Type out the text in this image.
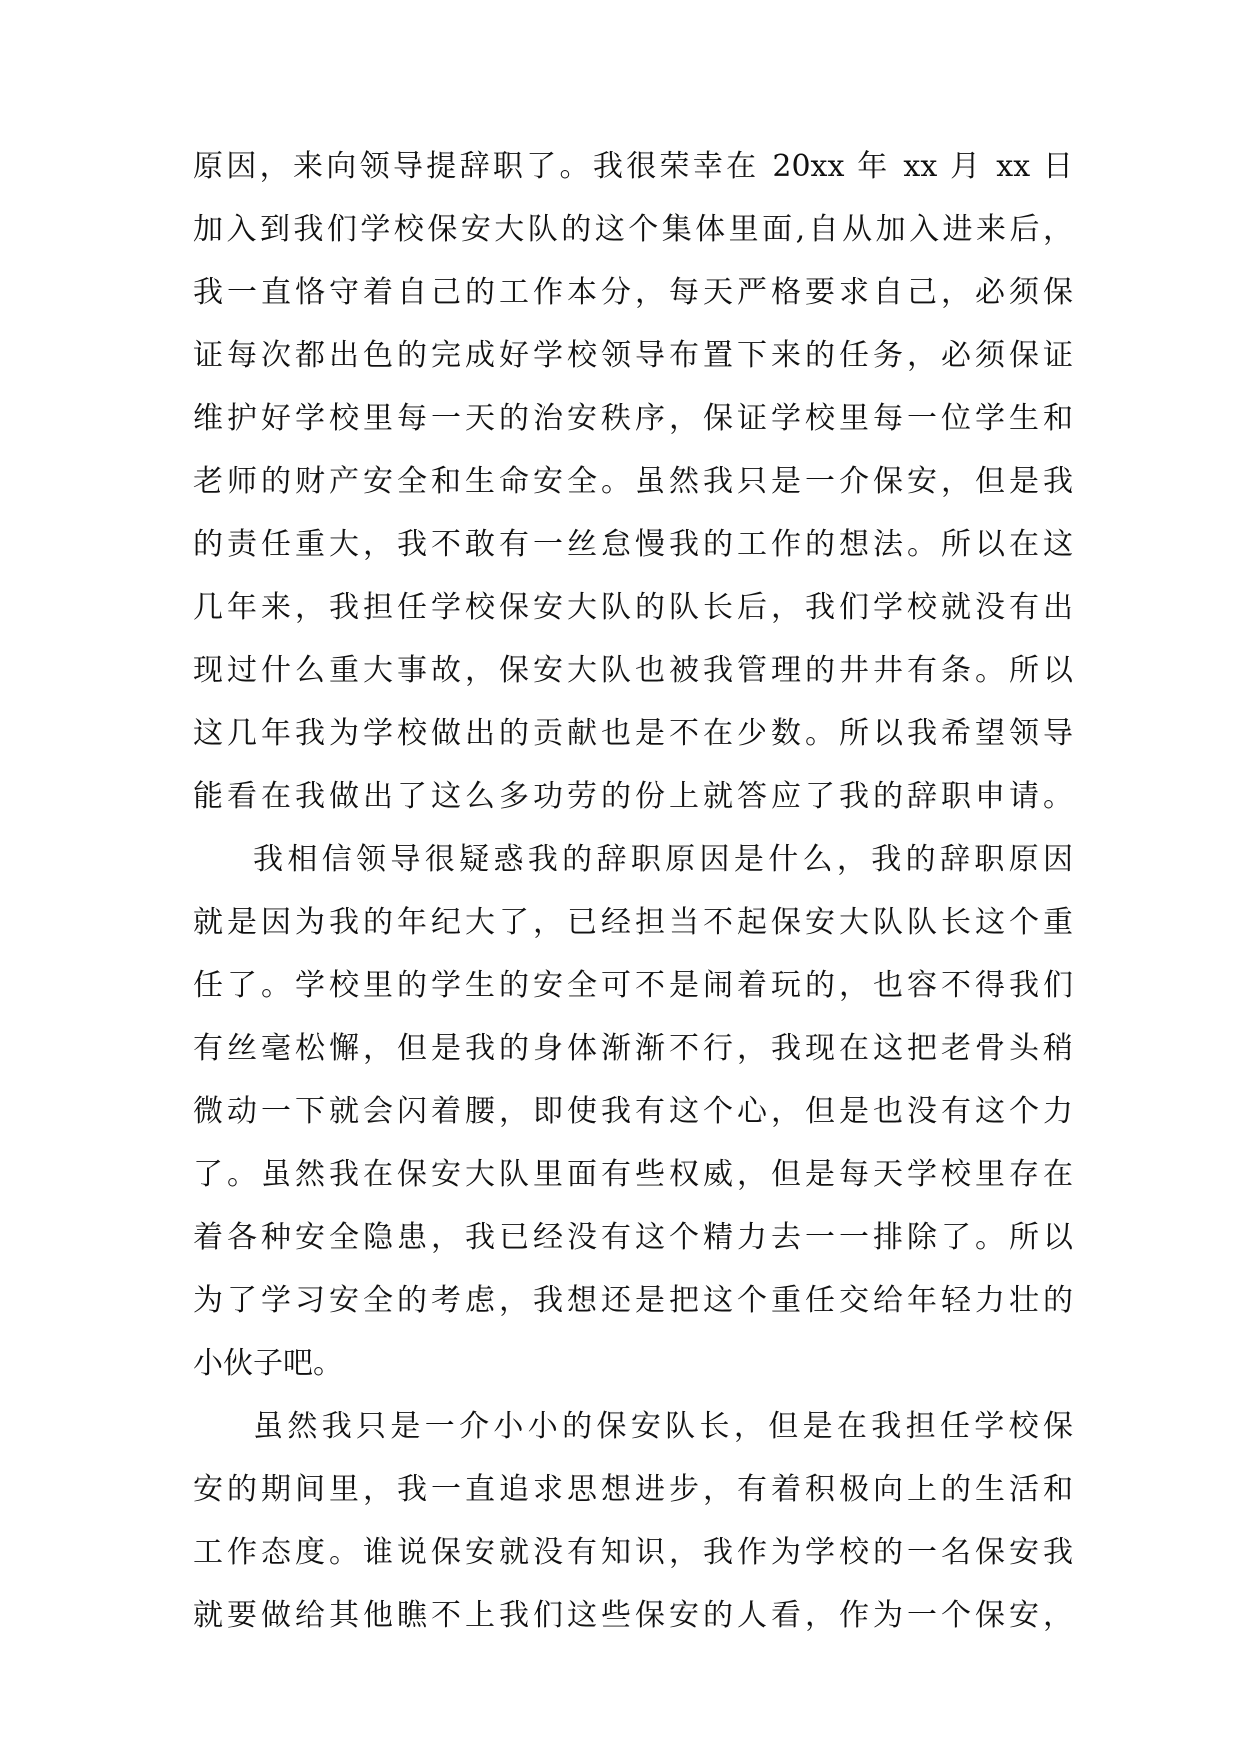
原因，来向领导提辞职了。我很荣幸在 20xx 年 xx 月 xx 日
加入到我们学校保安大队的这个集体里面,自从加入进来后，
我一直恪守着自己的工作本分，每天严格要求自己，必须保
证每次都出色的完成好学校领导布置下来的任务，必须保证
维护好学校里每一天的治安秩序，保证学校里每一位学生和
老师的财产安全和生命安全。虽然我只是一介保安，但是我
的责任重大，我不敢有一丝怠慢我的工作的想法。所以在这
几年来，我担任学校保安大队的队长后，我们学校就没有出
现过什么重大事故，保安大队也被我管理的井井有条。所以
这几年我为学校做出的贡献也是不在少数。所以我希望领导
能看在我做出了这么多功劳的份上就答应了我的辞职申请。
我相信领导很疑惑我的辞职原因是什么，我的辞职原因
就是因为我的年纪大了，已经担当不起保安大队队长这个重
任了。学校里的学生的安全可不是闹着玩的，也容不得我们
有丝毫松懈，但是我的身体渐渐不行，我现在这把老骨头稍
微动一下就会闪着腰，即使我有这个心，但是也没有这个力
了。虽然我在保安大队里面有些权威，但是每天学校里存在
着各种安全隐患，我已经没有这个精力去一一排除了。所以
为了学习安全的考虑，我想还是把这个重任交给年轻力壮的
小伙子吧。
虽然我只是一介小小的保安队长，但是在我担任学校保
安的期间里，我一直追求思想进步，有着积极向上的生活和
工作态度。谁说保安就没有知识，我作为学校的一名保安我
就要做给其他瞧不上我们这些保安的人看，作为一个保安，
